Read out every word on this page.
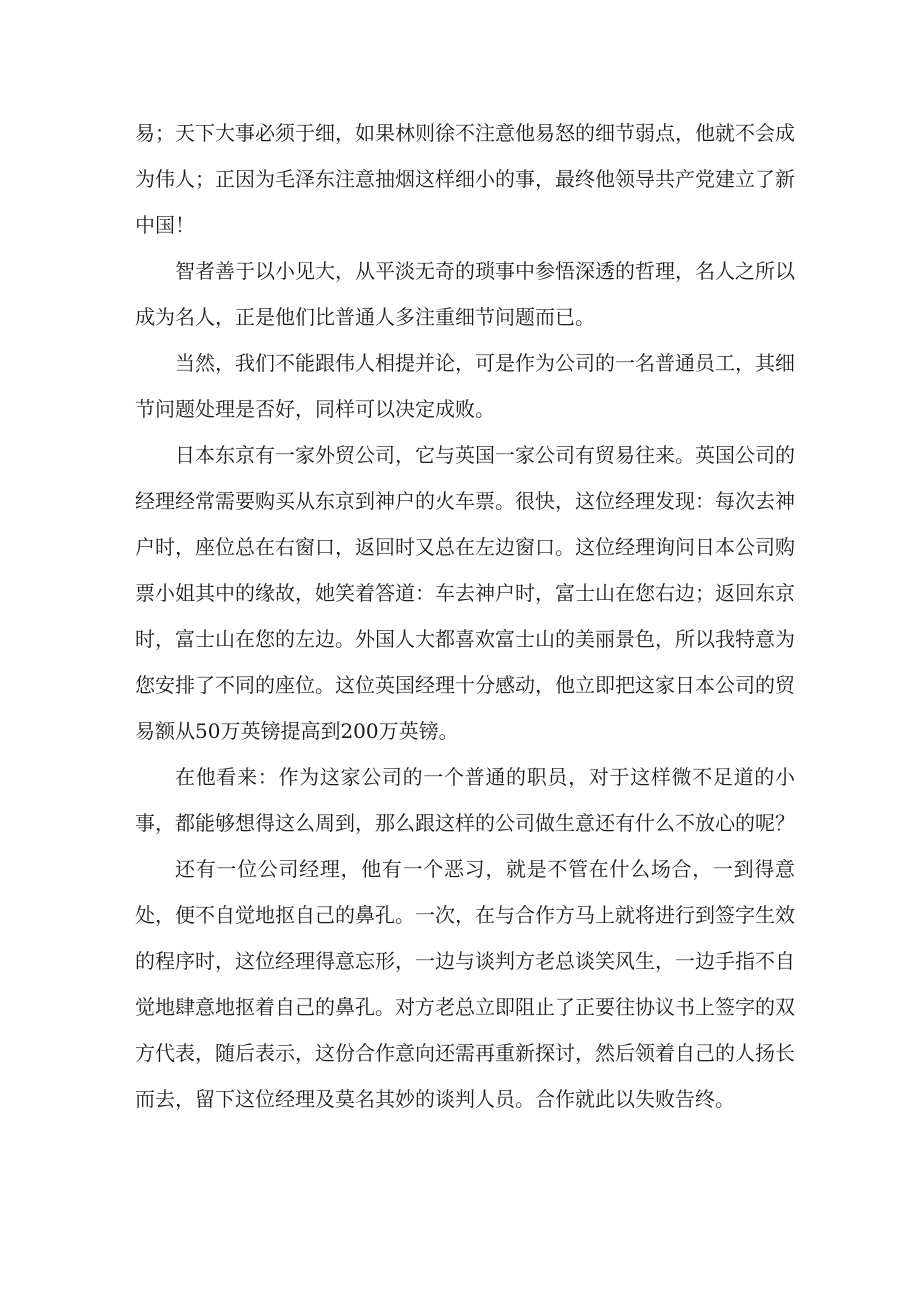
易；天下大事必须于细，如果林则徐不注意他易怒的细节弱点，他就不会成为伟人；正因为毛泽东注意抽烟这样细小的事，最终他领导共产党建立了新中国！

智者善于以小见大，从平淡无奇的琐事中参悟深透的哲理，名人之所以成为名人，正是他们比普通人多注重细节问题而已。

当然，我们不能跟伟人相提并论，可是作为公司的一名普通员工，其细节问题处理是否好，同样可以决定成败。

日本东京有一家外贸公司，它与英国一家公司有贸易往来。英国公司的经理经常需要购买从东京到神户的火车票。很快，这位经理发现：每次去神户时，座位总在右窗口，返回时又总在左边窗口。这位经理询问日本公司购票小姐其中的缘故，她笑着答道：车去神户时，富士山在您右边；返回东京时，富士山在您的左边。外国人大都喜欢富士山的美丽景色，所以我特意为您安排了不同的座位。这位英国经理十分感动，他立即把这家日本公司的贸易额从50万英镑提高到200万英镑。

在他看来：作为这家公司的一个普通的职员，对于这样微不足道的小事，都能够想得这么周到，那么跟这样的公司做生意还有什么不放心的呢？

还有一位公司经理，他有一个恶习，就是不管在什么场合，一到得意处，便不自觉地抠自己的鼻孔。一次，在与合作方马上就将进行到签字生效的程序时，这位经理得意忘形，一边与谈判方老总谈笑风生，一边手指不自觉地肆意地抠着自己的鼻孔。对方老总立即阻止了正要往协议书上签字的双方代表，随后表示，这份合作意向还需再重新探讨，然后领着自己的人扬长而去，留下这位经理及莫名其妙的谈判人员。合作就此以失败告终。
